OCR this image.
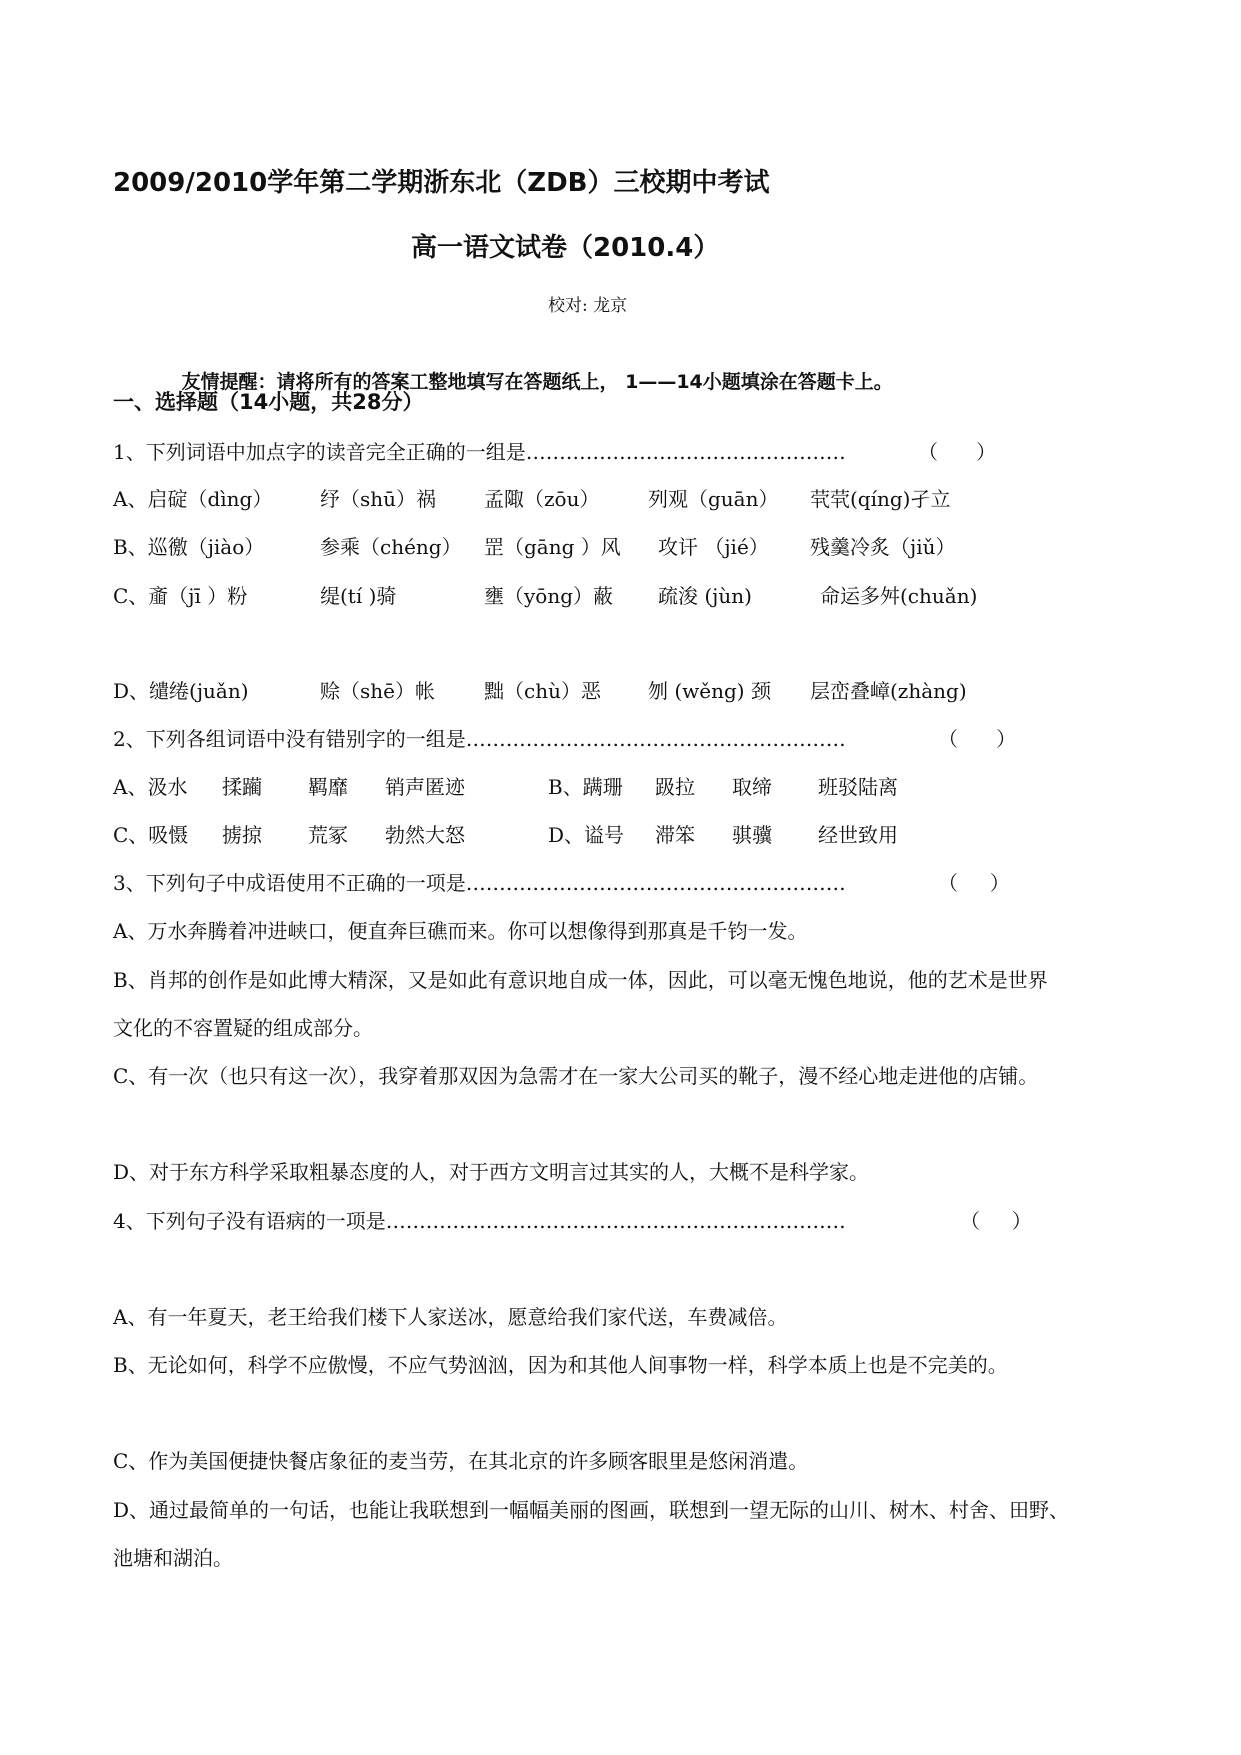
2009/2010学年第二学期浙东北（ZDB）三校期中考试
高一语文试卷（2010.4）
校对: 龙京

友情提醒：请将所有的答案工整地填写在答题纸上， 1——14小题填涂在答题卡上。

一、选择题（14小题，共28分）
1、下列词语中加点字的读音完全正确的一组是…………………………………………	（      ）
A、启碇（dìng） 纾（shū）祸 孟陬（zōu） 列观（guān） 茕茕(qíng)孑立
B、巡徼（jiào）	参乘（chéng） 罡（gāng ）风 攻讦 （jié） 残羹冷炙（jiǔ）
C、齑（jī ）粉	缇(tí )骑	壅（yōng）蔽 疏浚 (jùn)	命运多舛(chuǎn)
D、缱绻(juǎn)	赊（shē）帐 黜（chù）恶 刎 (wěng) 颈 层峦叠嶂(zhàng)
2、下列各组词语中没有错别字的一组是…………………………………………………	（      ）
A、汲水 揉躏 羁靡 销声匿迹	B、蹒珊 趿拉 取缔 班驳陆离
C、吸慑 掳掠 荒冢 勃然大怒	D、谥号 滞笨 骐骥 经世致用
3、下列句子中成语使用不正确的一项是…………………………………………………	（     ）
A、万水奔腾着冲进峡口，便直奔巨礁而来。你可以想像得到那真是千钧一发。
B、肖邦的创作是如此博大精深，又是如此有意识地自成一体，因此，可以毫无愧色地说，他的艺术是世界
文化的不容置疑的组成部分。
C、有一次（也只有这一次），我穿着那双因为急需才在一家大公司买的靴子，漫不经心地走进他的店铺。
D、对于东方科学采取粗暴态度的人，对于西方文明言过其实的人，大概不是科学家。
4、下列句子没有语病的一项是……………………………………………………………	（     ）
A、有一年夏天，老王给我们楼下人家送冰，愿意给我们家代送，车费减倍。
B、无论如何，科学不应傲慢，不应气势汹汹，因为和其他人间事物一样，科学本质上也是不完美的。
C、作为美国便捷快餐店象征的麦当劳，在其北京的许多顾客眼里是悠闲消遣。
D、通过最简单的一句话，也能让我联想到一幅幅美丽的图画，联想到一望无际的山川、树木、村舍、田野、
池塘和湖泊。
